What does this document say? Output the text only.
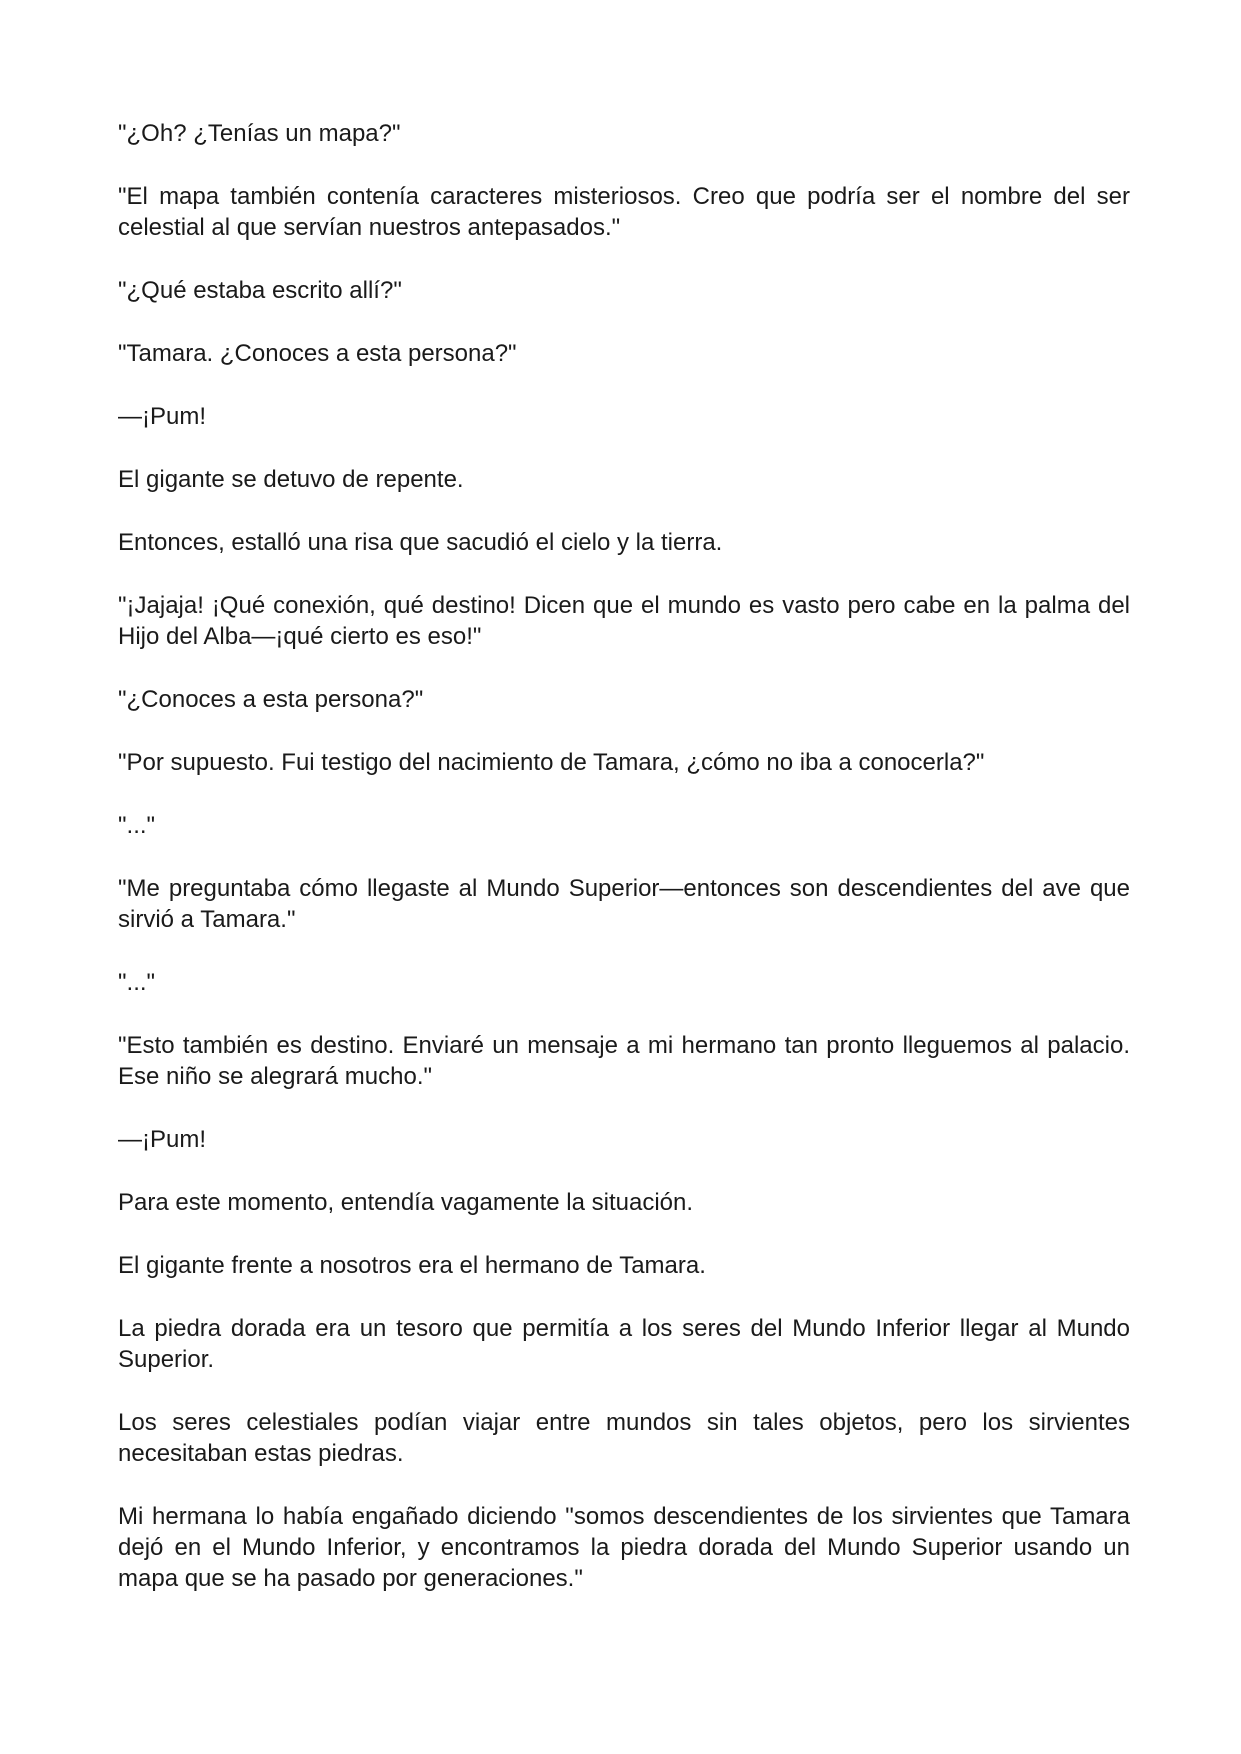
"¿Oh? ¿Tenías un mapa?"

"El mapa también contenía caracteres misteriosos. Creo que podría ser el nombre del ser celestial al que servían nuestros antepasados."

"¿Qué estaba escrito allí?"

"Tamara. ¿Conoces a esta persona?"

—¡Pum!

El gigante se detuvo de repente.

Entonces, estalló una risa que sacudió el cielo y la tierra.

"¡Jajaja! ¡Qué conexión, qué destino! Dicen que el mundo es vasto pero cabe en la palma del Hijo del Alba—¡qué cierto es eso!"

"¿Conoces a esta persona?"

"Por supuesto. Fui testigo del nacimiento de Tamara, ¿cómo no iba a conocerla?"

"..."

"Me preguntaba cómo llegaste al Mundo Superior—entonces son descendientes del ave que sirvió a Tamara."

"..."

"Esto también es destino. Enviaré un mensaje a mi hermano tan pronto lleguemos al palacio. Ese niño se alegrará mucho."

—¡Pum!

Para este momento, entendía vagamente la situación.

El gigante frente a nosotros era el hermano de Tamara.

La piedra dorada era un tesoro que permitía a los seres del Mundo Inferior llegar al Mundo Superior.

Los seres celestiales podían viajar entre mundos sin tales objetos, pero los sirvientes necesitaban estas piedras.

Mi hermana lo había engañado diciendo "somos descendientes de los sirvientes que Tamara dejó en el Mundo Inferior, y encontramos la piedra dorada del Mundo Superior usando un mapa que se ha pasado por generaciones."
